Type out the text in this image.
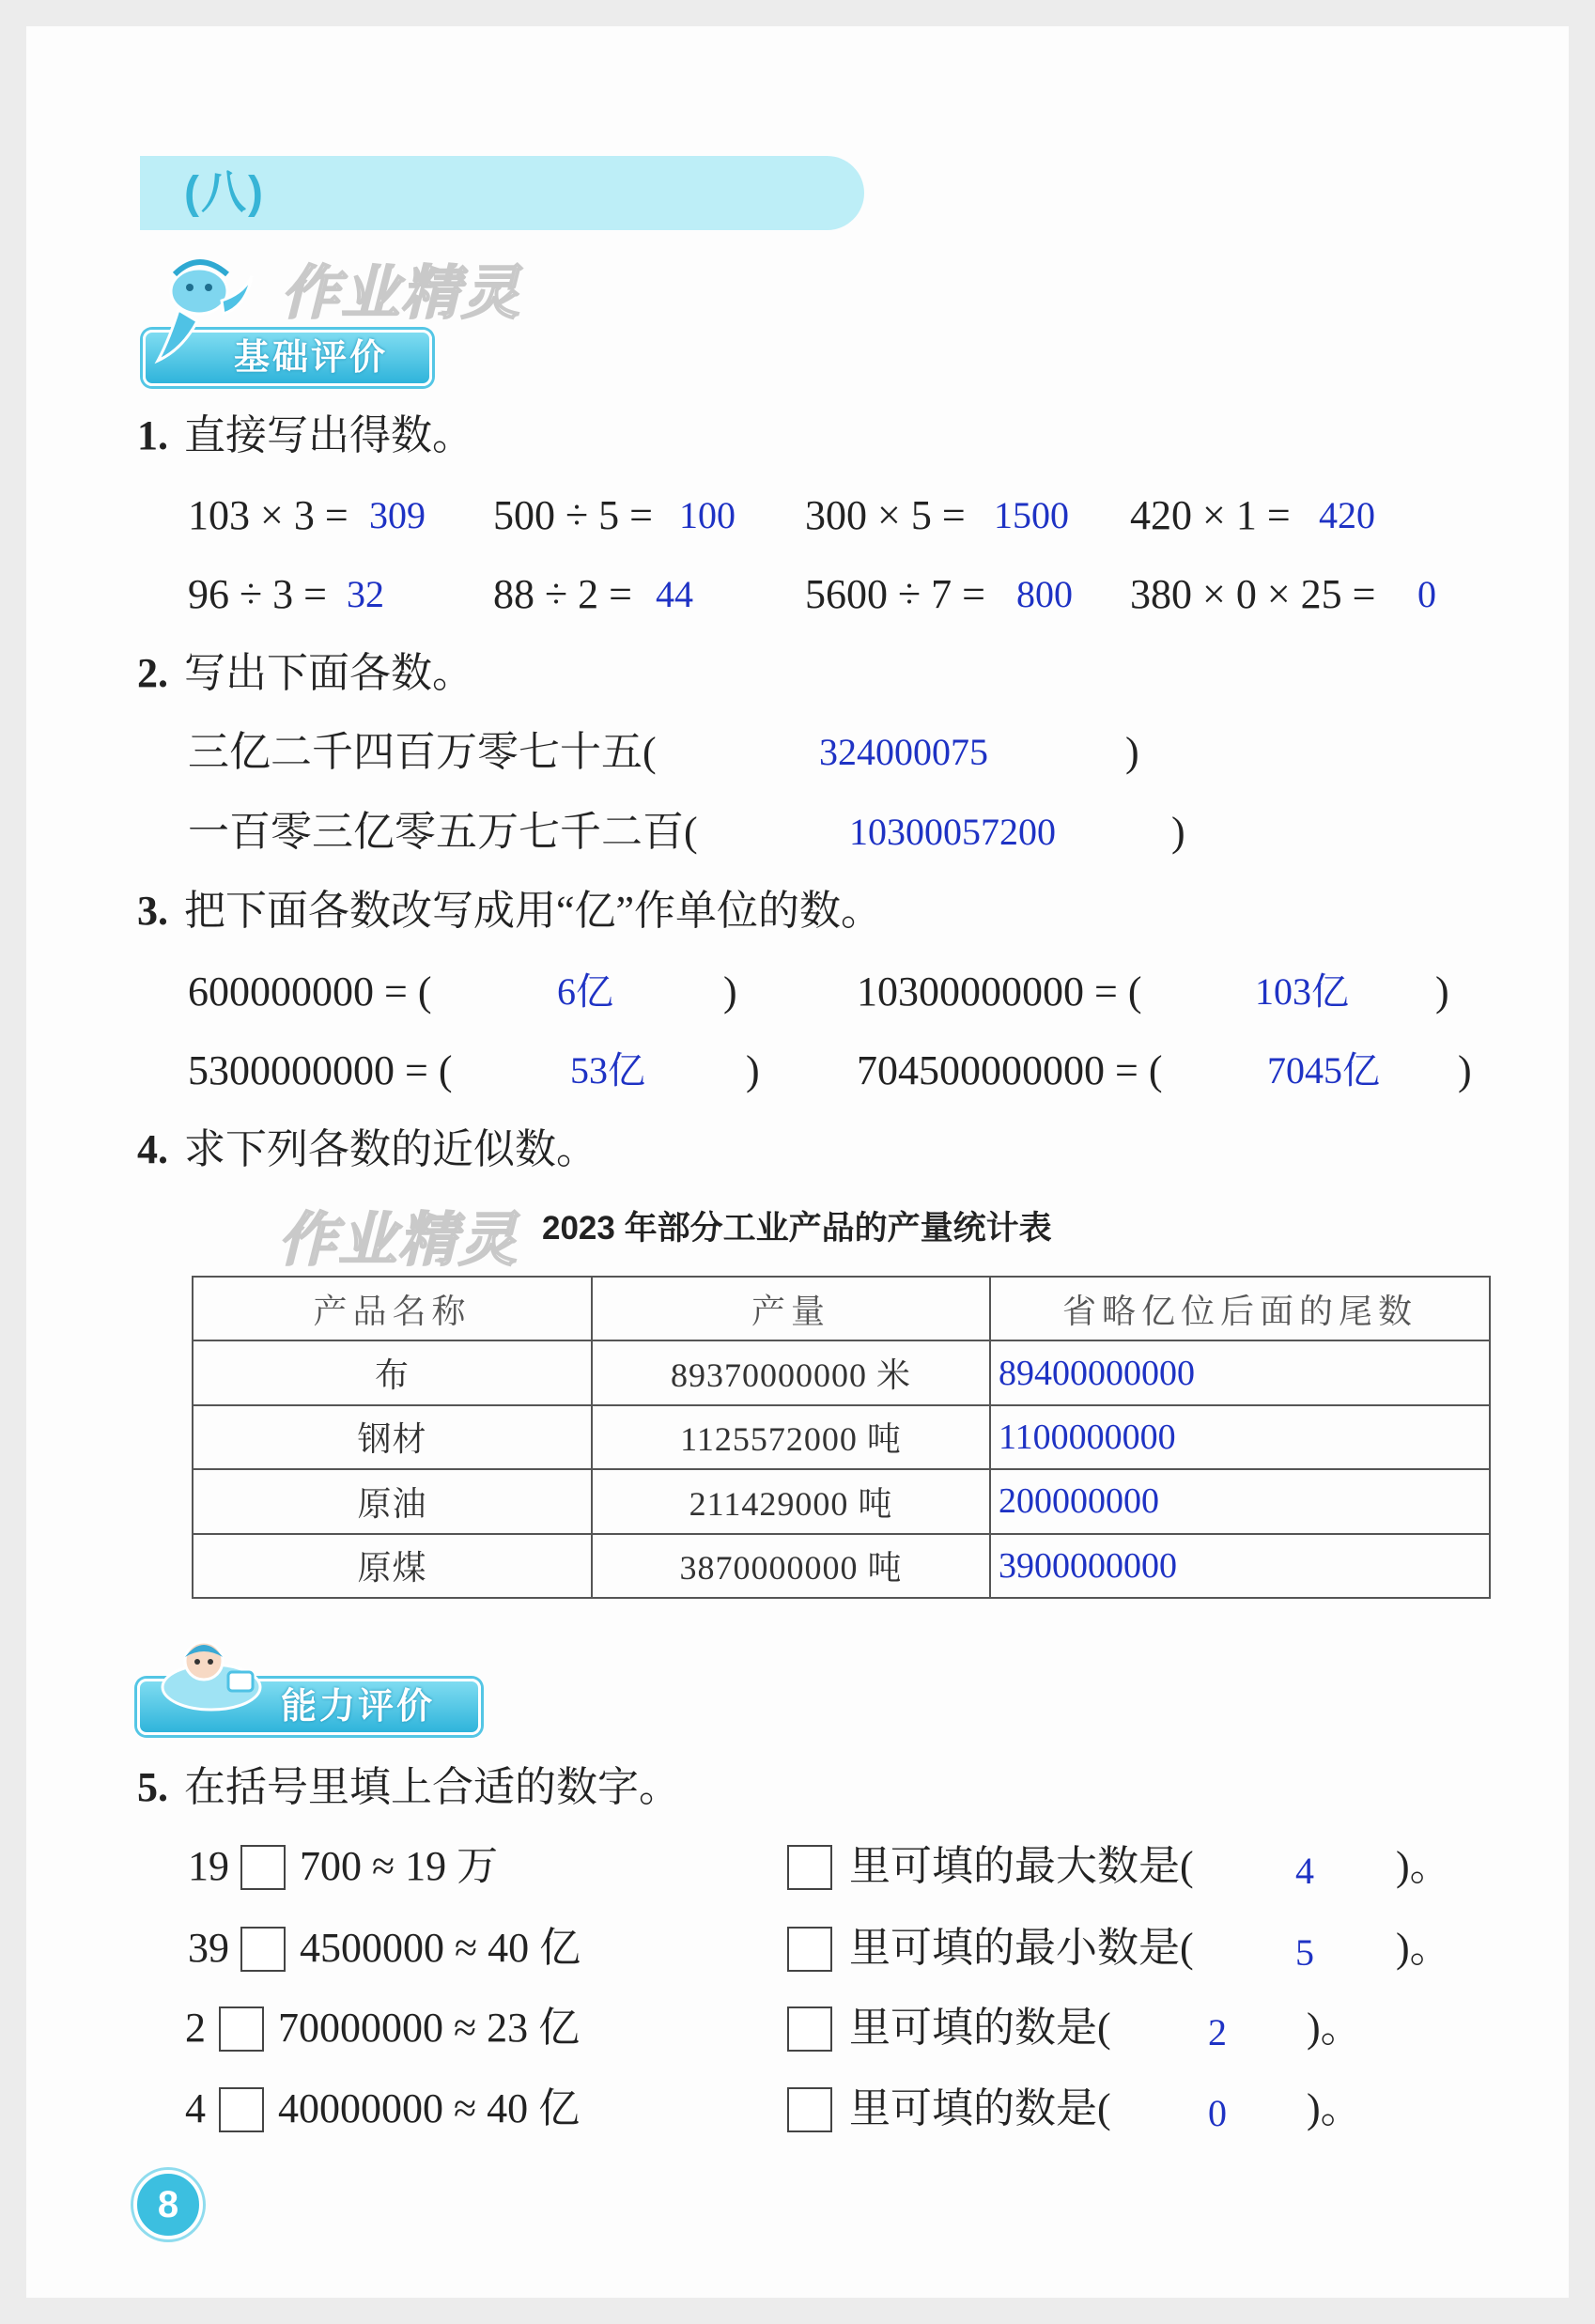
(八)
作业精灵
基础评价
1. 直接写出得数。
103 × 3 = 309 500 ÷ 5 = 100 300 × 5 = 1500 420 × 1 = 420
96 ÷ 3 = 32	88 ÷ 2 = 44	5600 ÷ 7 = 800 380 × 0 × 25 = 0
2. 写出下面各数。
三亿二千四百万零七十五(	324000075	)
一百零三亿零五万七千二百(	10300057200	)
3. 把下面各数改写成用“亿”作单位的数。
600000000 = (	6亿	)	10300000000 = (	103亿 )
5300000000 = (	53亿 ) 704500000000 = (	7045亿 )
4. 求下列各数的近似数。
作业精灵 2023 年部分工业产品的产量统计表
产品名称	产量	省略亿位后面的尾数
布	89370000000 米	89400000000
钢材	1125572000 吨	1100000000
原油	211429000 吨	200000000
原煤	3870000000 吨	3900000000
能力评价
5. 在括号里填上合适的数字。
19 700 ≈ 19 万	里可填的最大数是(	4 )。
39 4500000 ≈ 40 亿	里可填的最小数是(	5 )。
2 70000000 ≈ 23 亿	里可填的数是(	2 )。
4 40000000 ≈ 40 亿	里可填的数是(	0 )。
8
